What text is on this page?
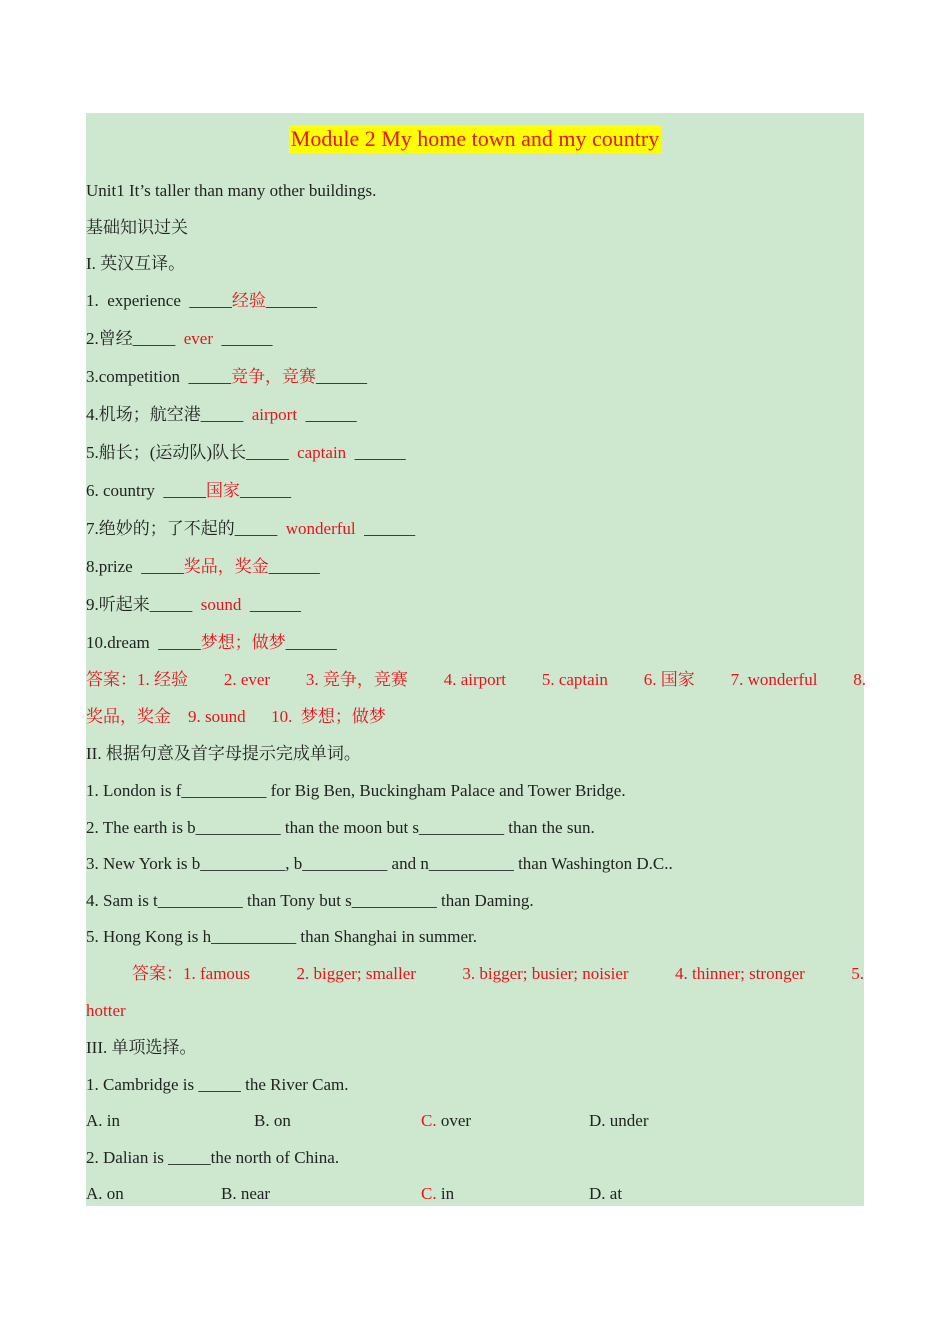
Module 2 My home town and my country
Unit1 It’s taller than many other buildings.
基础知识过关
I. 英汉互译。
1.  experience  _____经验______
2.曾经_____  ever  ______
3.competition  _____竞争，竞赛______
4.机场；航空港_____  airport  ______
5.船长；(运动队)队长_____  captain  ______
6. country  _____国家______
7.绝妙的；了不起的_____  wonderful  ______
8.prize  _____奖品，奖金______
9.听起来_____  sound  ______
10.dream  _____梦想；做梦______
答案：1. 经验 2. ever 3. 竞争，竞赛 4. airport 5. captain 6. 国家 7. wonderful 8.
奖品，奖金    9. sound      10.  梦想；做梦
II. 根据句意及首字母提示完成单词。
1. London is f__________ for Big Ben, Buckingham Palace and Tower Bridge.
2. The earth is b__________ than the moon but s__________ than the sun.
3. New York is b__________, b__________ and n__________ than Washington D.C..
4. Sam is t__________ than Tony but s__________ than Daming.
5. Hong Kong is h__________ than Shanghai in summer.
答案：1. famous	2. bigger; smaller	3. bigger; busier; noisier	4. thinner; stronger	5.
hotter
III. 单项选择。
1. Cambridge is _____ the River Cam.
A. in	B. on	C. over	D. under
2. Dalian is _____the north of China.
A. on	B. near	C. in	D. at
